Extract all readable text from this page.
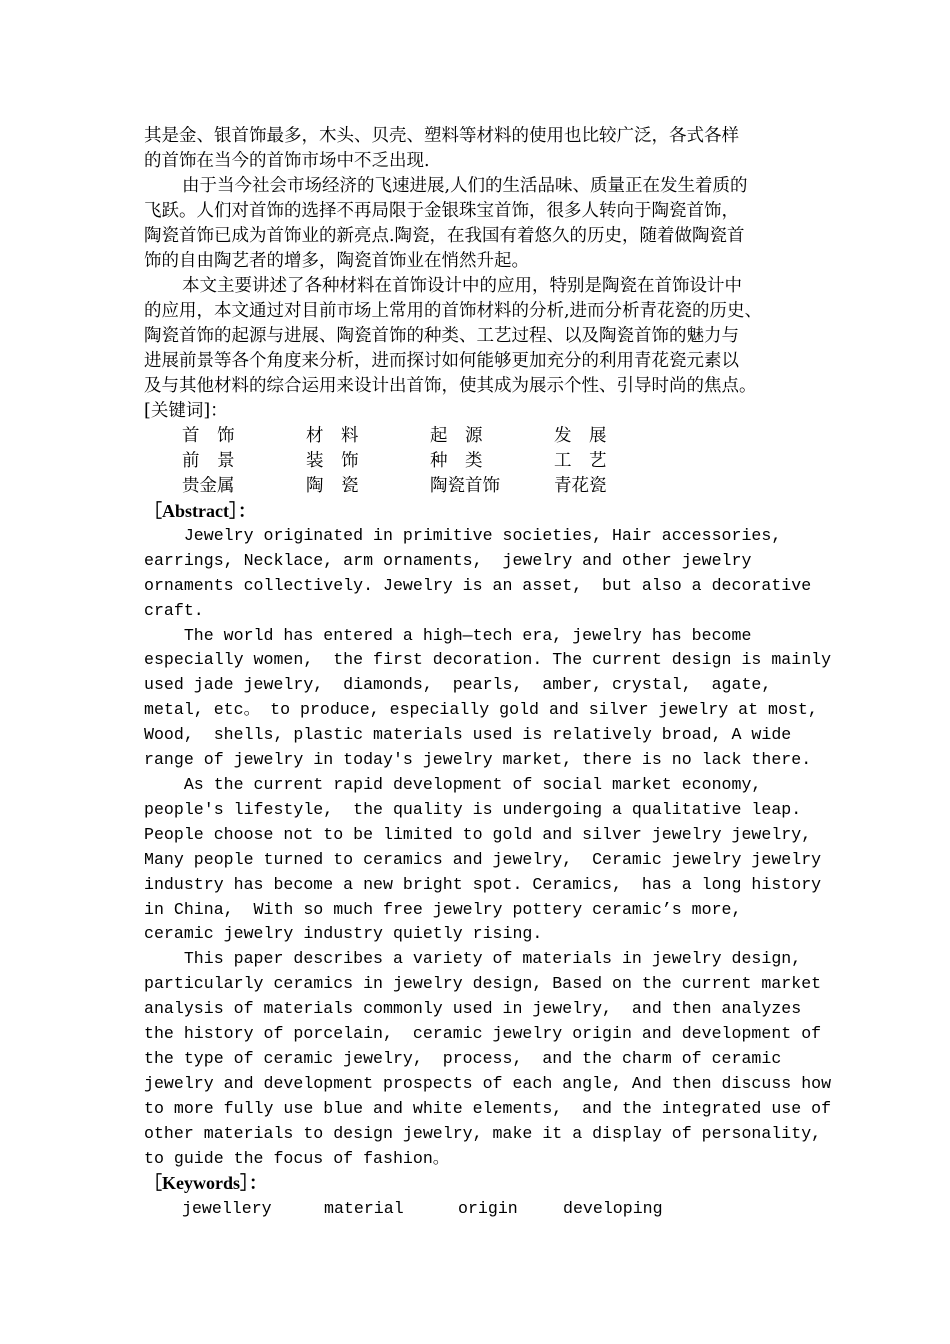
其是金、银首饰最多，木头、贝壳、塑料等材料的使用也比较广泛，各式各样
的首饰在当今的首饰市场中不乏出现.
由于当今社会市场经济的飞速进展,人们的生活品味、质量正在发生着质的
飞跃。人们对首饰的选择不再局限于金银珠宝首饰，很多人转向于陶瓷首饰，
陶瓷首饰已成为首饰业的新亮点.陶瓷，在我国有着悠久的历史，随着做陶瓷首
饰的自由陶艺者的增多，陶瓷首饰业在悄然升起。
本文主要讲述了各种材料在首饰设计中的应用，特别是陶瓷在首饰设计中
的应用，本文通过对目前市场上常用的首饰材料的分析,进而分析青花瓷的历史、
陶瓷首饰的起源与进展、陶瓷首饰的种类、工艺过程、以及陶瓷首饰的魅力与
进展前景等各个角度来分析，进而探讨如何能够更加充分的利用青花瓷元素以
及与其他材料的综合运用来设计出首饰，使其成为展示个性、引导时尚的焦点。
[关键词]：
首　饰	材　料	起　源	发　展
前　景	装　饰	种　类	工　艺
贵金属	陶　瓷	陶瓷首饰	青花瓷
［Abstract］：
Jewelry originated in primitive societies, Hair accessories,
earrings, Necklace, arm ornaments,  jewelry and other jewelry
ornaments collectively. Jewelry is an asset,  but also a decorative
craft.
The world has entered a high—tech era, jewelry has become
especially women,  the first decoration. The current design is mainly
used jade jewelry,  diamonds,  pearls,  amber, crystal,  agate,
metal, etc。 to produce, especially gold and silver jewelry at most,
Wood,  shells, plastic materials used is relatively broad, A wide
range of jewelry in today's jewelry market, there is no lack there.
As the current rapid development of social market economy,
people's lifestyle,  the quality is undergoing a qualitative leap.
People choose not to be limited to gold and silver jewelry jewelry,
Many people turned to ceramics and jewelry,  Ceramic jewelry jewelry
industry has become a new bright spot. Ceramics,  has a long history
in China,  With so much free jewelry pottery ceramic’s more,
ceramic jewelry industry quietly rising.
This paper describes a variety of materials in jewelry design,
particularly ceramics in jewelry design, Based on the current market
analysis of materials commonly used in jewelry,  and then analyzes
the history of porcelain,  ceramic jewelry origin and development of
the type of ceramic jewelry,  process,  and the charm of ceramic
jewelry and development prospects of each angle, And then discuss how
to more fully use blue and white elements,  and the integrated use of
other materials to design jewelry, make it a display of personality,
to guide the focus of fashion。
［Keywords］：
jewellery	material	origin	developing
